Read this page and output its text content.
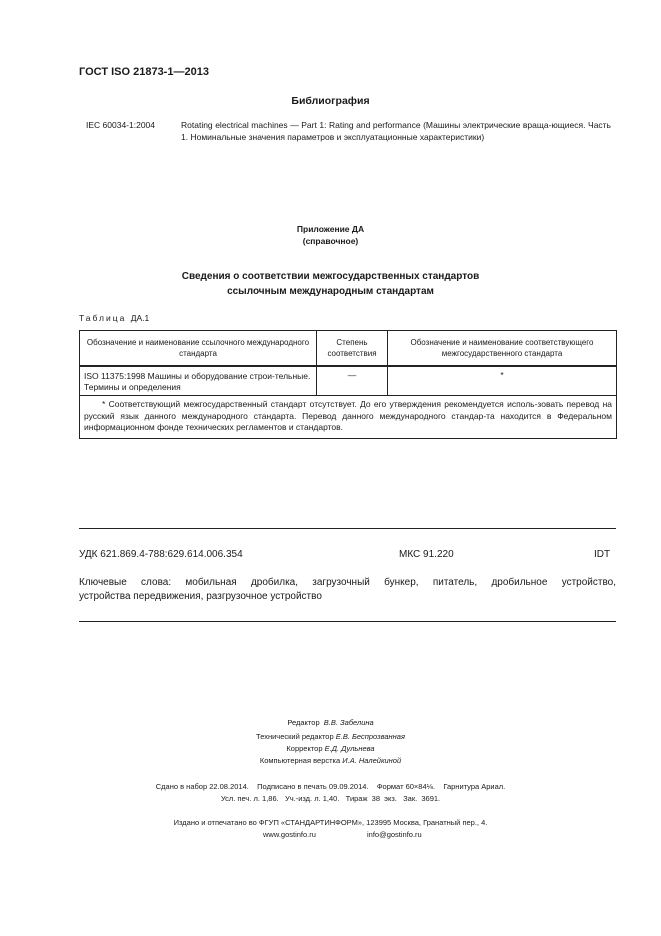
ГОСТ ISO 21873-1—2013
Библиография
IEC 60034-1:2004	Rotating electrical machines — Part 1: Rating and performance (Машины электрические враща-ющиеся. Часть 1. Номинальные значения параметров и эксплуатационные характеристики)
Приложение ДА
(справочное)
Сведения о соответствии межгосударственных стандартов
ссылочным международным стандартам
Таблица ДА.1
Обозначение и наименование ссылочного международного стандарта	Степень соответствия	Обозначение и наименование соответствующего межгосударственного стандарта
ISO 11375:1998 Машины и оборудование строи-тельные. Термины и определения	—	*
* Соответствующий межгосударственный стандарт отсутствует. До его утверждения рекомендуется исполь-зовать перевод на русский язык данного международного стандарта. Перевод данного международного стандар-та находится в Федеральном информационном фонде технических регламентов и стандартов.		
УДК 621.869.4-788:629.614.006.354	МКС 91.220	IDT
Ключевые слова: мобильная дробилка, загрузочный бункер, питатель, дробильное устройство,
устройства передвижения, разгрузочное устройство
Редактор В.В. Забелина
Технический редактор Е.В. Беспрозванная
Корректор Е.Д. Дульнева
Компьютерная верстка И.А. Налейкиной
Сдано в набор 22.08.2014.    Подписано в печать 09.09.2014.    Формат 60×84⅛.    Гарнитура Ариал.
Усл. печ. л. 1,86.   Уч.-изд. л. 1,40.   Тираж  38  экз.   Зак.  3691.
Издано и отпечатано во ФГУП «СТАНДАРТИНФОРМ», 123995 Москва, Гранатный пер., 4.
www.gostinfo.ru	info@gostinfo.ru
